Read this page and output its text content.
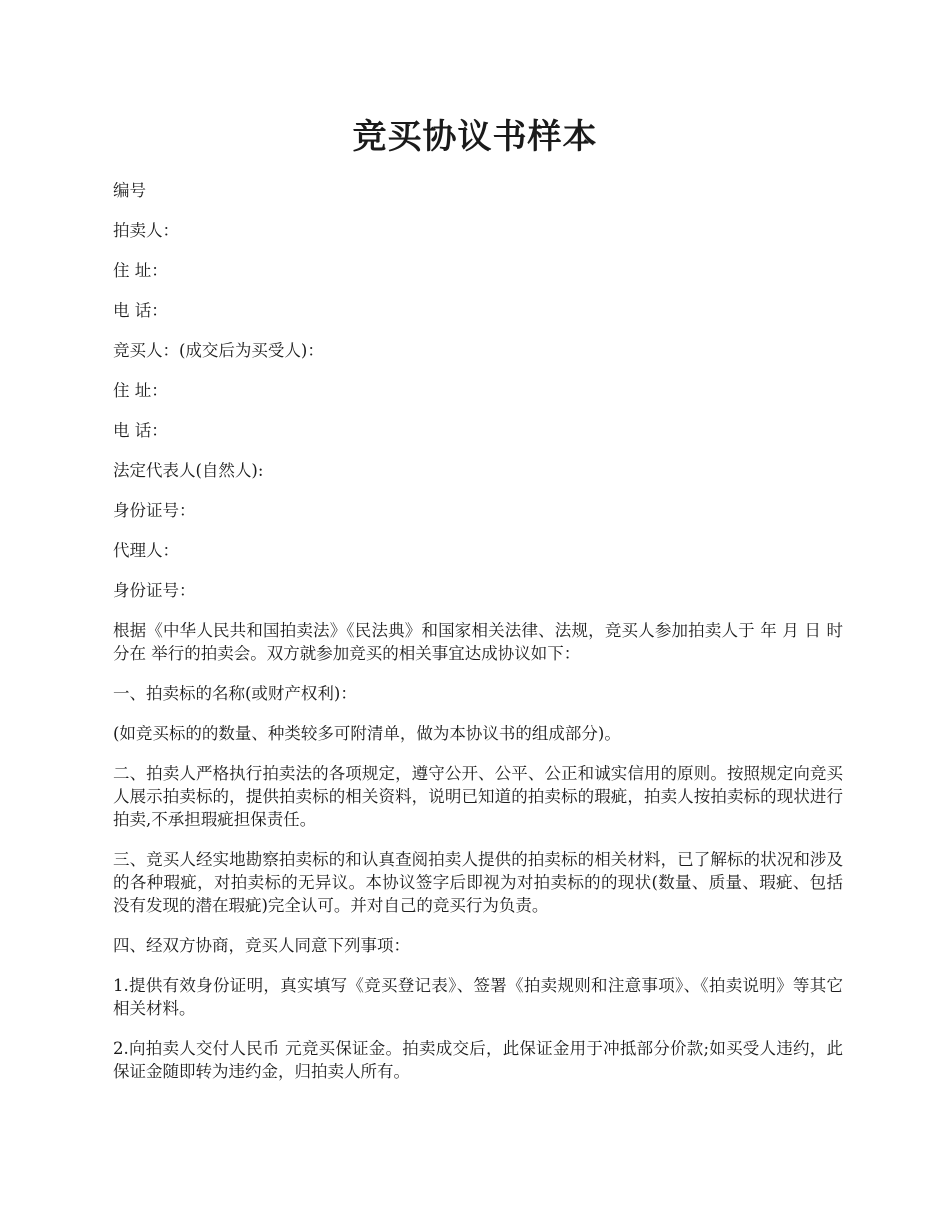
竞买协议书样本

编号

拍卖人：

住 址：

电 话：

竞买人：(成交后为买受人)：

住 址：

电 话：

法定代表人(自然人):

身份证号：

代理人：

身份证号：

根据《中华人民共和国拍卖法》《民法典》和国家相关法律、法规，竞买人参加拍卖人于 年 月 日 时 分在 举行的拍卖会。双方就参加竞买的相关事宜达成协议如下：

一、拍卖标的名称(或财产权利)：

(如竞买标的的数量、种类较多可附清单，做为本协议书的组成部分)。

二、拍卖人严格执行拍卖法的各项规定，遵守公开、公平、公正和诚实信用的原则。按照规定向竞买人展示拍卖标的，提供拍卖标的相关资料，说明已知道的拍卖标的瑕疵，拍卖人按拍卖标的现状进行拍卖,不承担瑕疵担保责任。

三、竞买人经实地勘察拍卖标的和认真查阅拍卖人提供的拍卖标的相关材料，已了解标的状况和涉及的各种瑕疵，对拍卖标的无异议。本协议签字后即视为对拍卖标的的现状(数量、质量、瑕疵、包括没有发现的潜在瑕疵)完全认可。并对自己的竞买行为负责。

四、经双方协商，竞买人同意下列事项：

1.提供有效身份证明，真实填写《竞买登记表》、签署《拍卖规则和注意事项》、《拍卖说明》等其它相关材料。

2.向拍卖人交付人民币 元竞买保证金。拍卖成交后，此保证金用于冲抵部分价款;如买受人违约，此保证金随即转为违约金，归拍卖人所有。
